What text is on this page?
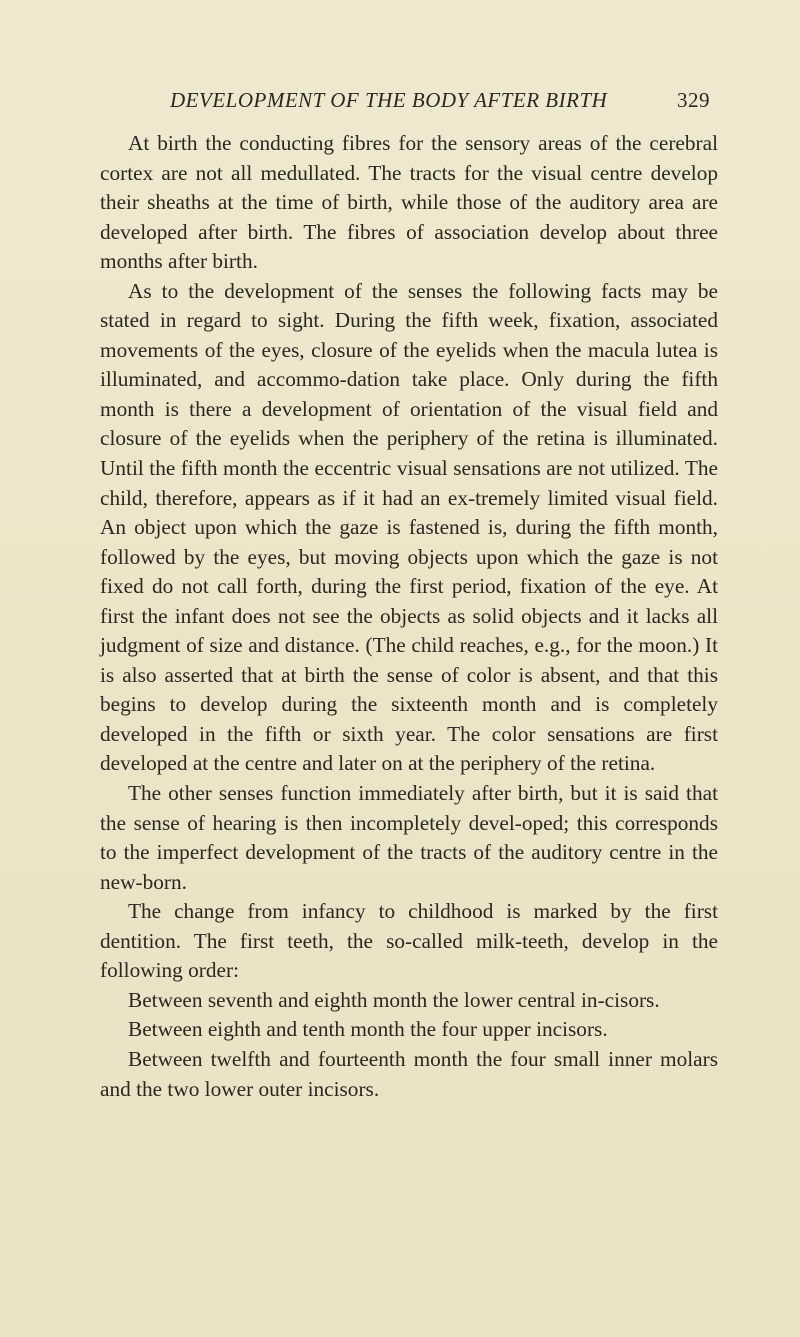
DEVELOPMENT OF THE BODY AFTER BIRTH	329

At birth the conducting fibres for the sensory areas of the cerebral cortex are not all medullated. The tracts for the visual centre develop their sheaths at the time of birth, while those of the auditory area are developed after birth. The fibres of association develop about three months after birth.

As to the development of the senses the following facts may be stated in regard to sight. During the fifth week, fixation, associated movements of the eyes, closure of the eyelids when the macula lutea is illuminated, and accommo-dation take place. Only during the fifth month is there a development of orientation of the visual field and closure of the eyelids when the periphery of the retina is illuminated. Until the fifth month the eccentric visual sensations are not utilized. The child, therefore, appears as if it had an ex-tremely limited visual field. An object upon which the gaze is fastened is, during the fifth month, followed by the eyes, but moving objects upon which the gaze is not fixed do not call forth, during the first period, fixation of the eye. At first the infant does not see the objects as solid objects and it lacks all judgment of size and distance. (The child reaches, e.g., for the moon.) It is also asserted that at birth the sense of color is absent, and that this begins to develop during the sixteenth month and is completely developed in the fifth or sixth year. The color sensations are first developed at the centre and later on at the periphery of the retina.

The other senses function immediately after birth, but it is said that the sense of hearing is then incompletely devel-oped; this corresponds to the imperfect development of the tracts of the auditory centre in the new-born.

The change from infancy to childhood is marked by the first dentition. The first teeth, the so-called milk-teeth, develop in the following order:

Between seventh and eighth month the lower central in-cisors.

Between eighth and tenth month the four upper incisors.

Between twelfth and fourteenth month the four small inner molars and the two lower outer incisors.
